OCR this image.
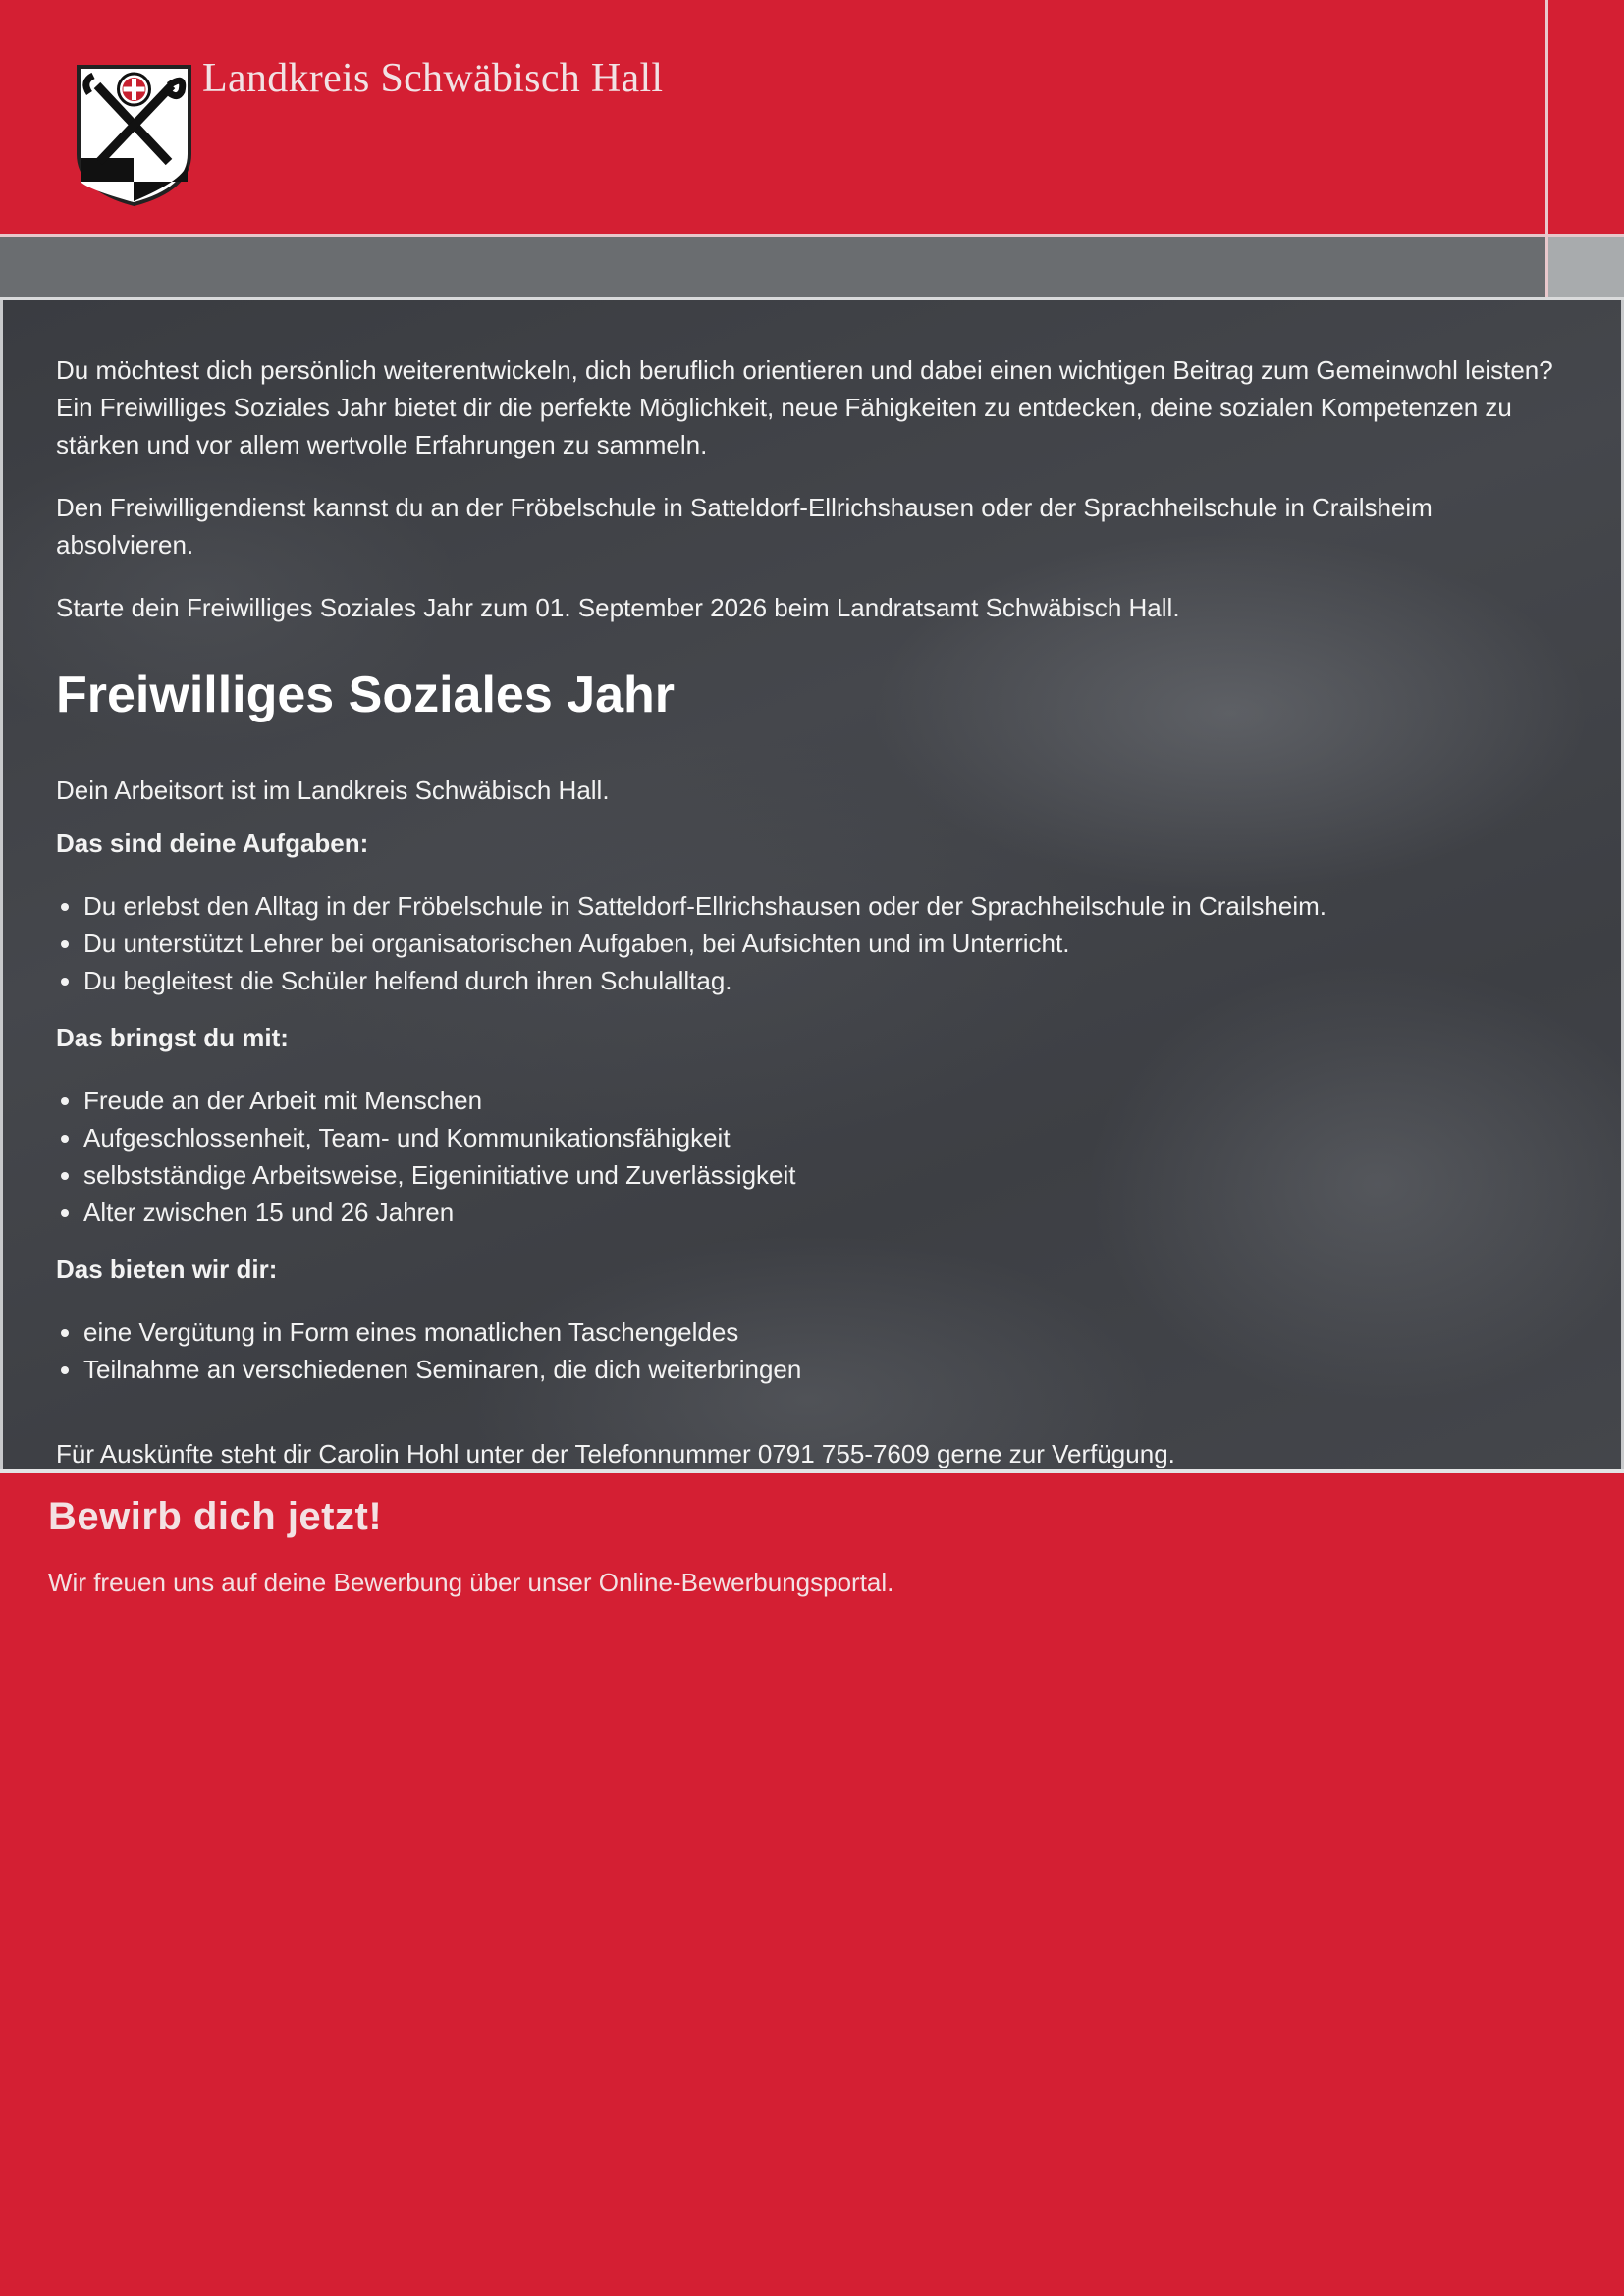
Landkreis Schwäbisch Hall

Du möchtest dich persönlich weiterentwickeln, dich beruflich orientieren und dabei einen wichtigen Beitrag zum Gemeinwohl leisten? Ein Freiwilliges Soziales Jahr bietet dir die perfekte Möglichkeit, neue Fähigkeiten zu entdecken, deine sozialen Kompetenzen zu stärken und vor allem wertvolle Erfahrungen zu sammeln.

Den Freiwilligendienst kannst du an der Fröbelschule in Satteldorf-Ellrichshausen oder der Sprachheilschule in Crailsheim absolvieren.

Starte dein Freiwilliges Soziales Jahr zum 01. September 2026 beim Landratsamt Schwäbisch Hall.

Freiwilliges Soziales Jahr

Dein Arbeitsort ist im Landkreis Schwäbisch Hall.

Das sind deine Aufgaben:

• Du erlebst den Alltag in der Fröbelschule in Satteldorf-Ellrichshausen oder der Sprachheilschule in Crailsheim.
• Du unterstützt Lehrer bei organisatorischen Aufgaben, bei Aufsichten und im Unterricht.
• Du begleitest die Schüler helfend durch ihren Schulalltag.

Das bringst du mit:

• Freude an der Arbeit mit Menschen
• Aufgeschlossenheit, Team- und Kommunikationsfähigkeit
• selbstständige Arbeitsweise, Eigeninitiative und Zuverlässigkeit
• Alter zwischen 15 und 26 Jahren

Das bieten wir dir:

• eine Vergütung in Form eines monatlichen Taschengeldes
• Teilnahme an verschiedenen Seminaren, die dich weiterbringen

Für Auskünfte steht dir Carolin Hohl unter der Telefonnummer 0791 755-7609 gerne zur Verfügung.

Bewirb dich jetzt!

Wir freuen uns auf deine Bewerbung über unser Online-Bewerbungsportal.
